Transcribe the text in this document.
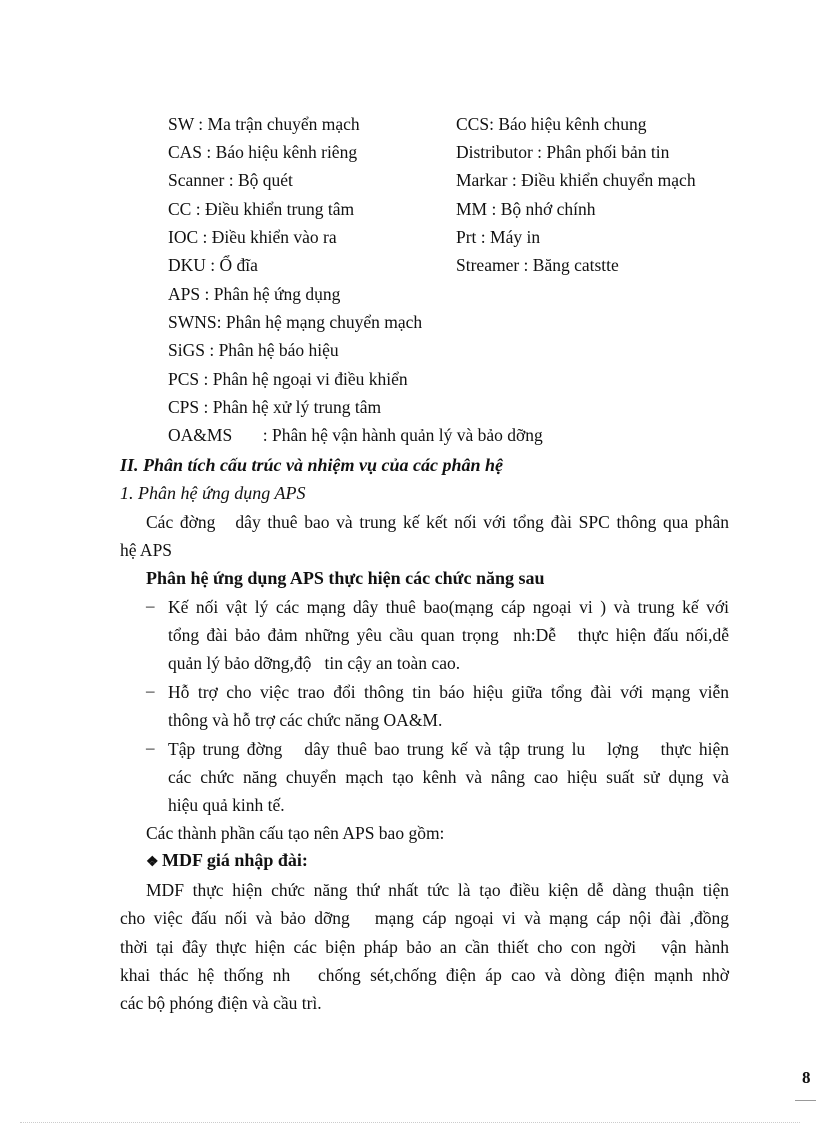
SW : Ma trận chuyển mạch
CAS : Báo hiệu kênh riêng
Scanner : Bộ quét
CC : Điều khiển trung tâm
IOC : Điều khiển vào ra
DKU : Ổ đĩa
APS : Phân hệ ứng dụng
SWNS: Phân hệ mạng chuyển mạch
SiGS : Phân hệ báo hiệu
PCS : Phân hệ ngoại vi điều khiển
CPS : Phân hệ xử lý trung tâm
OA&MS       : Phân hệ vận hành quản lý và bảo dỡng
CCS: Báo hiệu kênh chung
Distributor : Phân phối bản tin
Markar : Điều khiển chuyển mạch
MM : Bộ nhớ chính
Prt : Máy in
Streamer : Băng catstte
II. Phân tích cấu trúc và nhiệm vụ của các phân hệ
1. Phân hệ ứng dụng APS
Các đờng   dây thuê bao và trung kế kết nối với tổng đài SPC thông qua phân
hệ APS
Phân hệ ứng dụng APS thực hiện các chức năng sau
– Kế nối vật lý các mạng dây thuê bao(mạng cáp ngoại vi ) và trung kế với
tổng đài bảo đảm những yêu cầu quan trọng  nh:Dễ   thực hiện đấu nối,dễ
quản lý bảo dỡng,độ   tin cậy an toàn cao.
– Hỗ trợ cho việc trao đổi thông tin báo hiệu giữa tổng đài với mạng viễn
thông và hỗ trợ các chức năng OA&M.
– Tập trung đờng   dây thuê bao trung kế và tập trung lu   lợng   thực hiện
các chức năng chuyển mạch tạo kênh và nâng cao hiệu suất sử dụng và
hiệu quả kinh tế.
Các thành phần cấu tạo nên APS bao gồm:
❖ MDF giá nhập đài:
MDF thực hiện chức năng thứ nhất tức là tạo điều kiện dễ dàng thuận tiện
cho việc đấu nối và bảo dỡng   mạng cáp ngoại vi và mạng cáp nội đài ,đồng
thời tại đây thực hiện các biện pháp bảo an cần thiết cho con ngời   vận hành
khai thác hệ thống nh   chống sét,chống điện áp cao và dòng điện mạnh nhờ
các bộ phóng điện và cầu trì.
8
